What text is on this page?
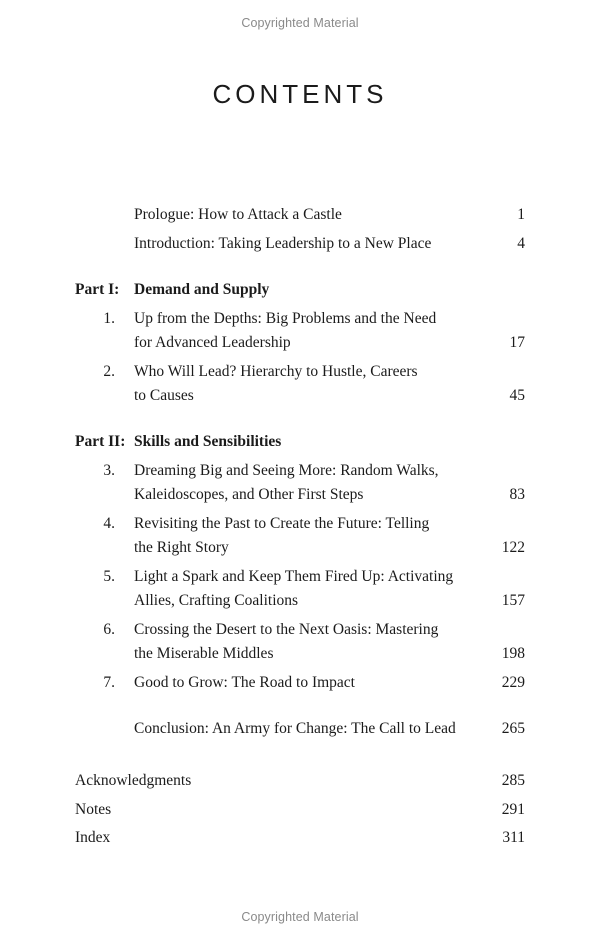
Copyrighted Material
CONTENTS
Prologue: How to Attack a Castle	1
Introduction: Taking Leadership to a New Place	4
Part I: Demand and Supply
1. Up from the Depths: Big Problems and the Need
for Advanced Leadership	17
2. Who Will Lead? Hierarchy to Hustle, Careers
to Causes	45
Part II: Skills and Sensibilities
3. Dreaming Big and Seeing More: Random Walks,
Kaleidoscopes, and Other First Steps	83
4. Revisiting the Past to Create the Future: Telling
the Right Story	122
5. Light a Spark and Keep Them Fired Up: Activating
Allies, Crafting Coalitions	157
6. Crossing the Desert to the Next Oasis: Mastering
the Miserable Middles	198
7. Good to Grow: The Road to Impact	229
Conclusion: An Army for Change: The Call to Lead	265
Acknowledgments	285
Notes	291
Index	311
Copyrighted Material
